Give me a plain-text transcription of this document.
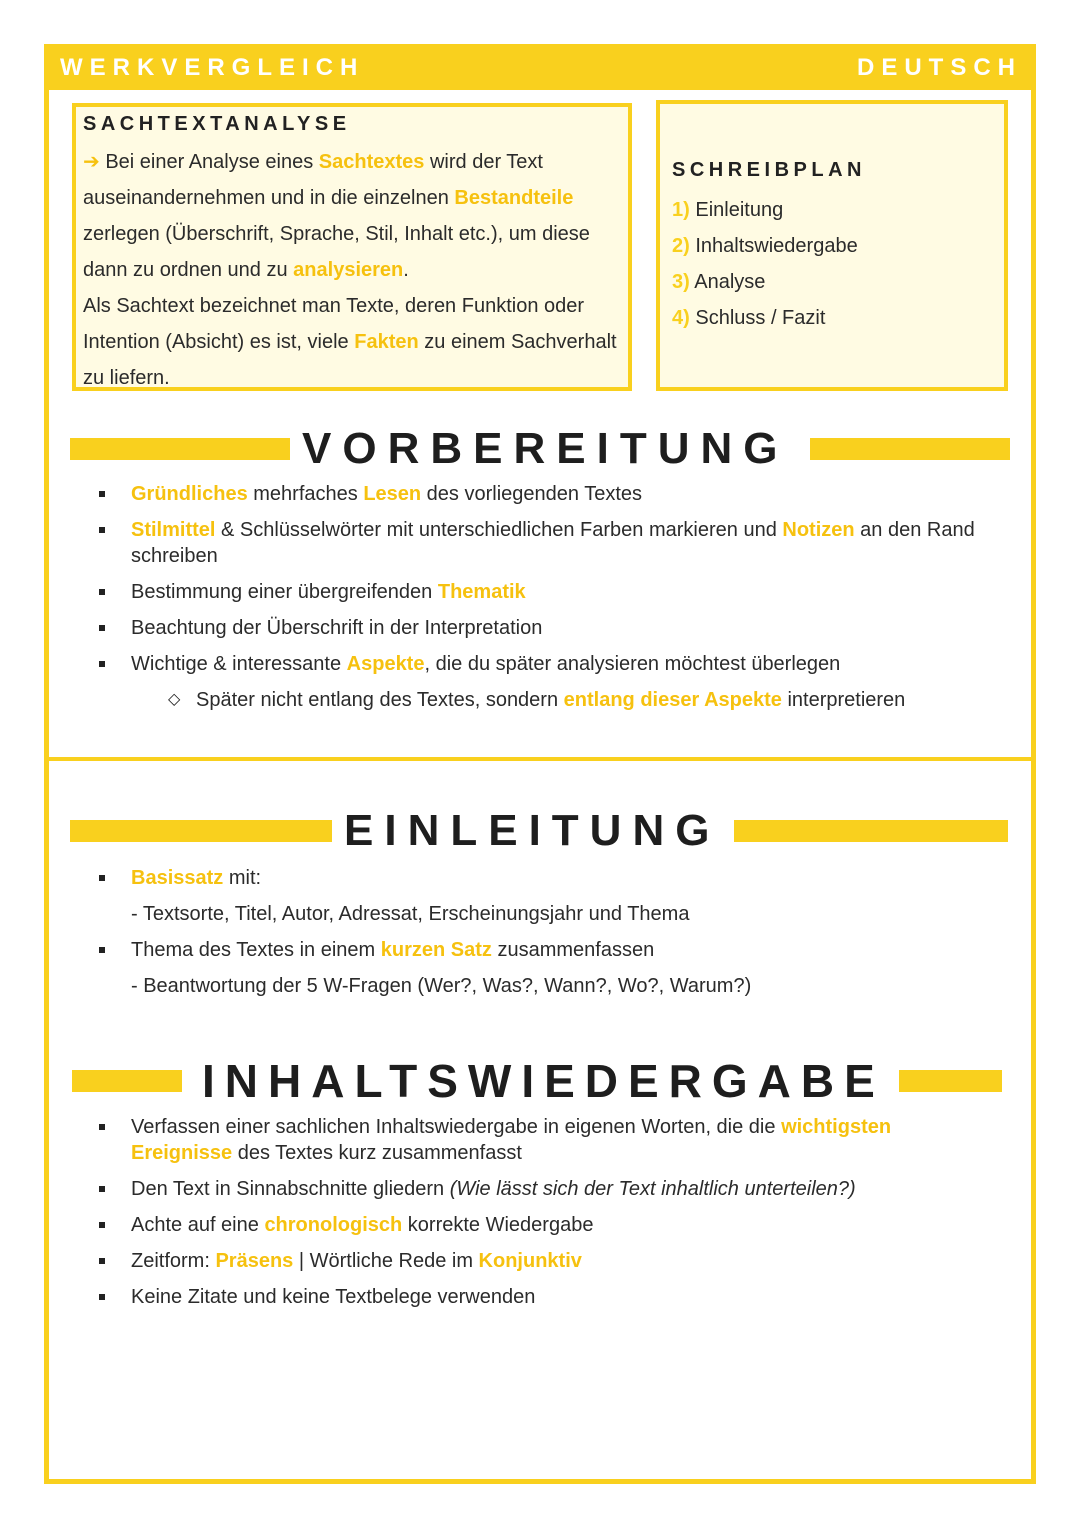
WERKVERGLEICH	DEUTSCH
SACHTEXTANALYSE

➔ Bei einer Analyse eines Sachtextes wird der Text auseinandernehmen und in die einzelnen Bestandteile zerlegen (Überschrift, Sprache, Stil, Inhalt etc.), um diese dann zu ordnen und zu analysieren.

Als Sachtext bezeichnet man Texte, deren Funktion oder Intention (Absicht) es ist, viele Fakten zu einem Sachverhalt zu liefern.

SCHREIBPLAN
1) Einleitung
2) Inhaltswiedergabe
3) Analyse
4) Schluss / Fazit
VORBEREITUNG
Gründliches mehrfaches Lesen des vorliegenden Textes
Stilmittel & Schlüsselwörter mit unterschiedlichen Farben markieren und Notizen an den Rand schreiben
Bestimmung einer übergreifenden Thematik
Beachtung der Überschrift in der Interpretation
Wichtige & interessante Aspekte, die du später analysieren möchtest überlegen
◇ Später nicht entlang des Textes, sondern entlang dieser Aspekte interpretieren
EINLEITUNG
Basissatz mit:
- Textsorte, Titel, Autor, Adressat, Erscheinungsjahr und Thema
Thema des Textes in einem kurzen Satz zusammenfassen
- Beantwortung der 5 W-Fragen (Wer?, Was?, Wann?, Wo?, Warum?)
INHALTSWIEDERGABE
Verfassen einer sachlichen Inhaltswiedergabe in eigenen Worten, die die wichtigsten Ereignisse des Textes kurz zusammenfasst
Den Text in Sinnabschnitte gliedern (Wie lässt sich der Text inhaltlich unterteilen?)
Achte auf eine chronologisch korrekte Wiedergabe
Zeitform: Präsens | Wörtliche Rede im Konjunktiv
Keine Zitate und keine Textbelege verwenden
